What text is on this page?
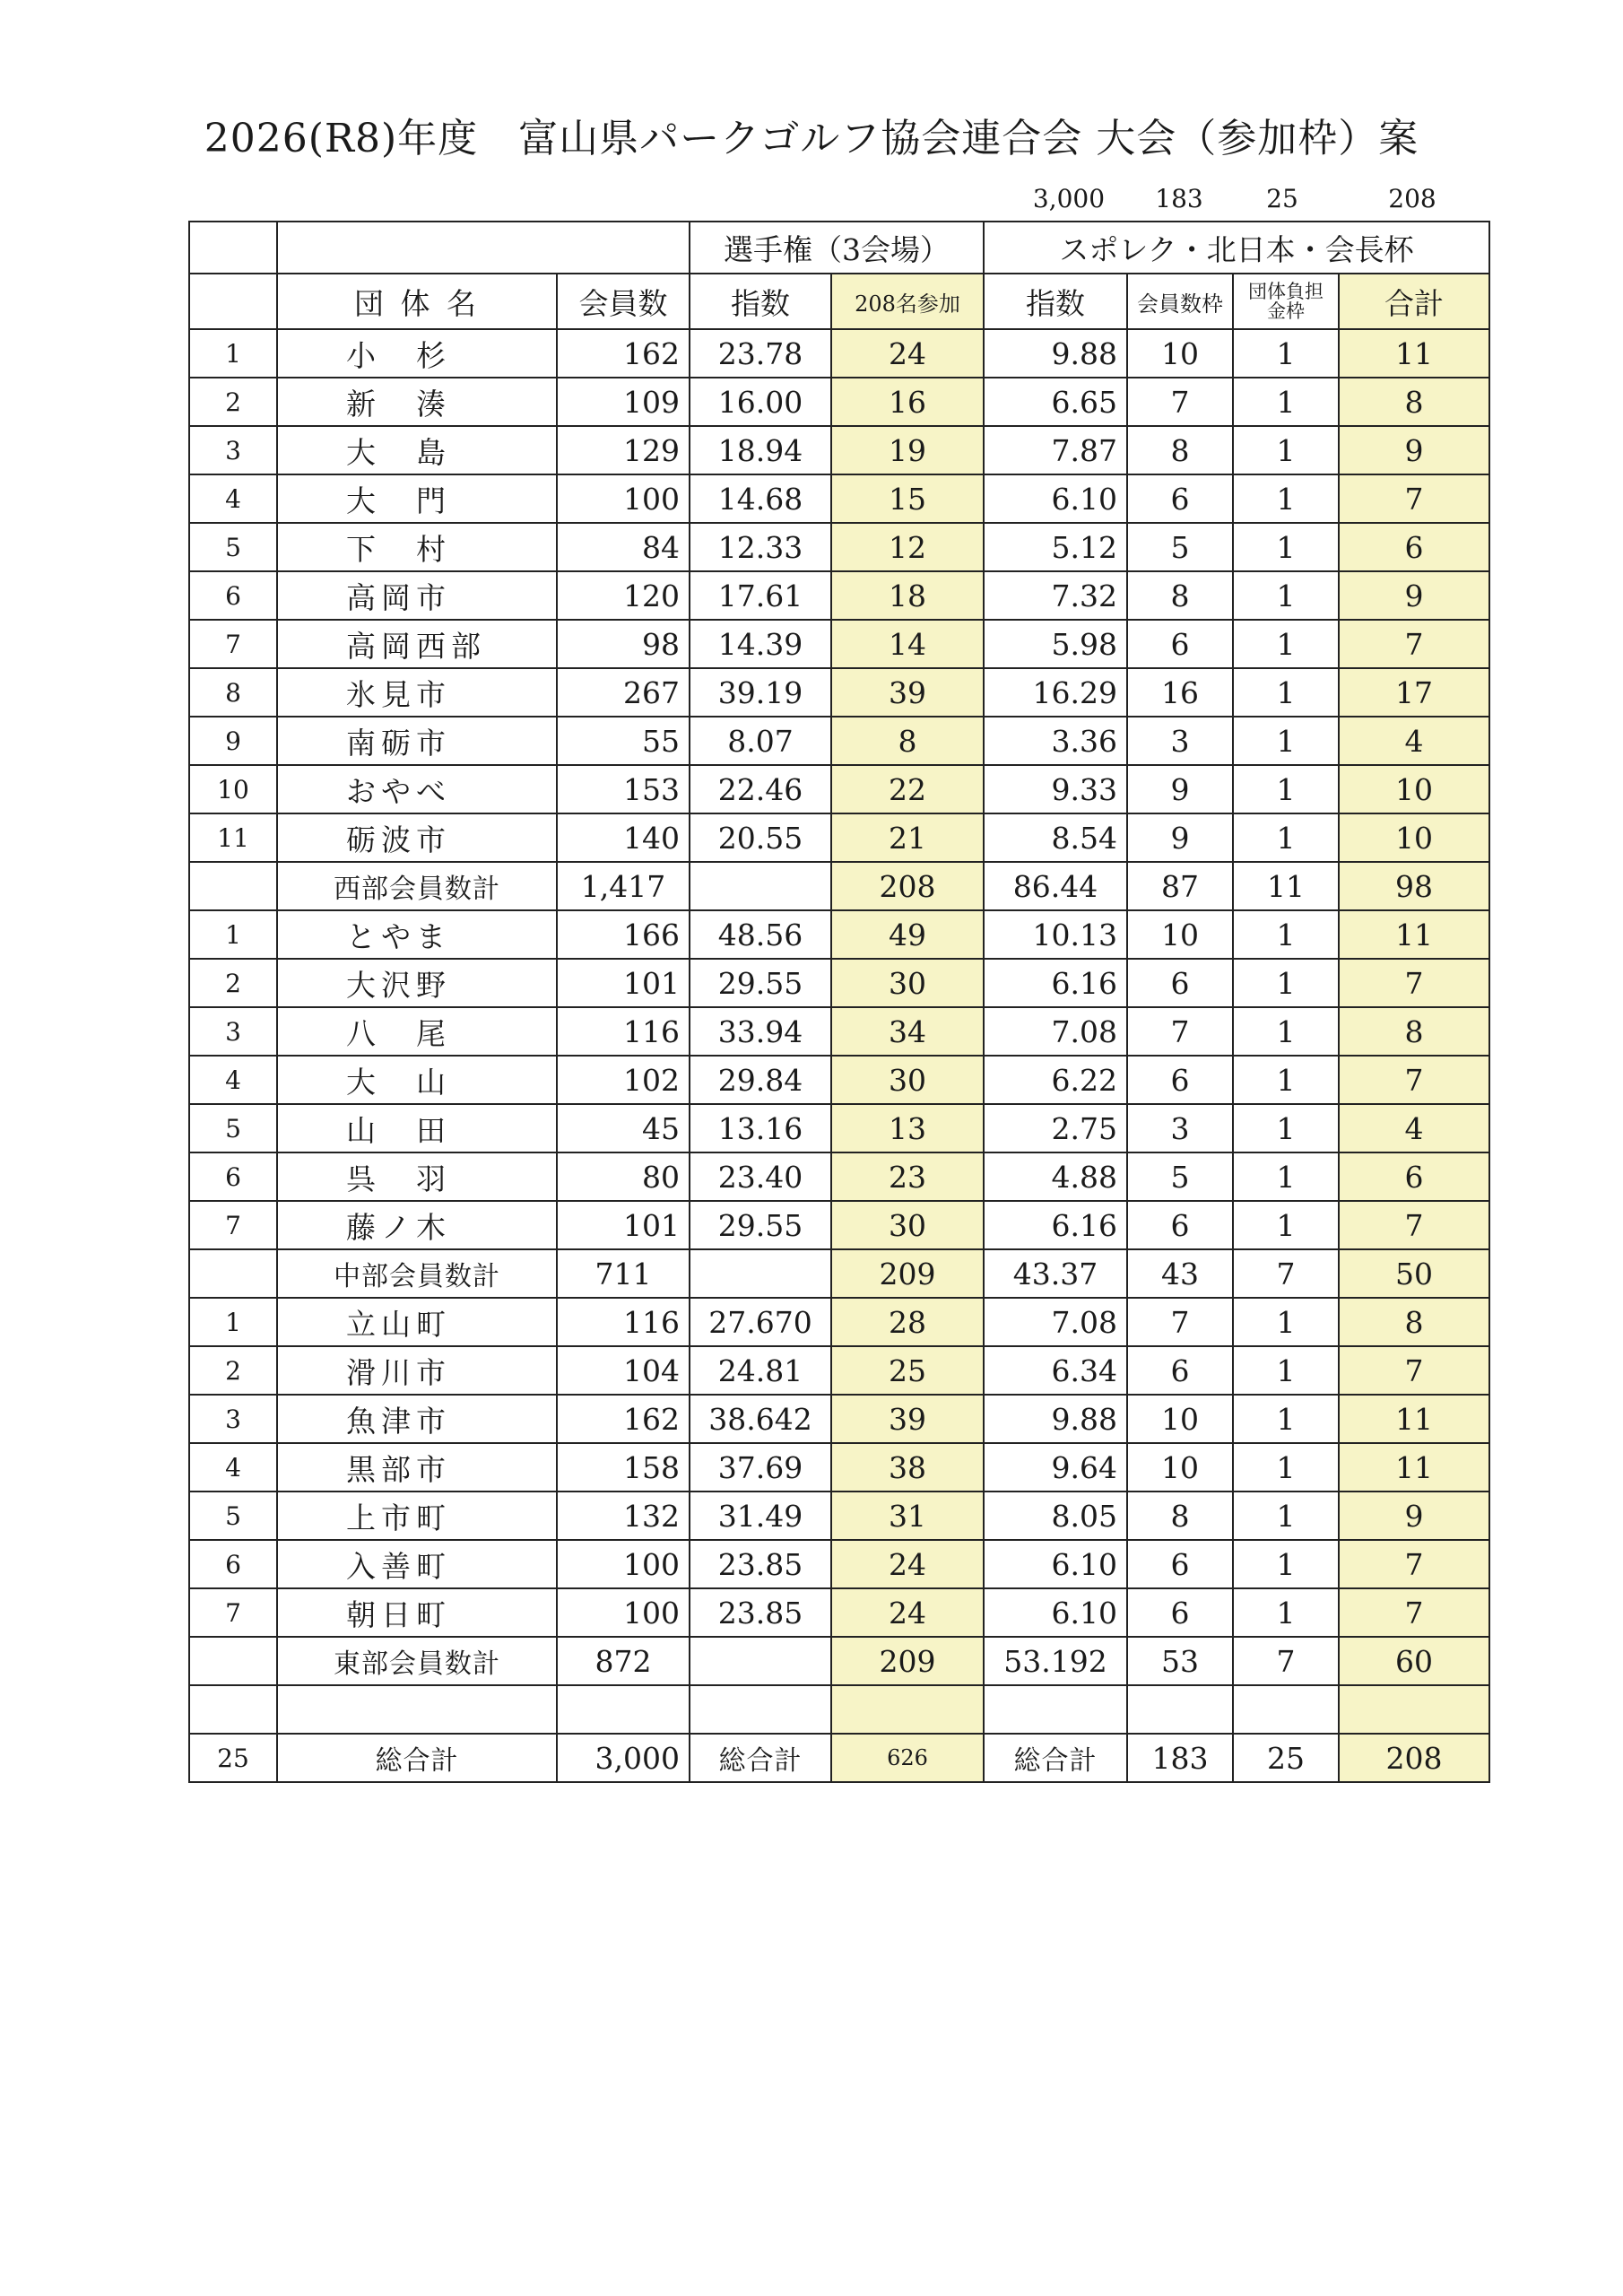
2026(R8)年度　富山県パークゴルフ協会連合会 大会（参加枠）案
3,000	183	25	208
			選手権（3会場）		スポレク・北日本・会長杯			
	団 体 名	会員数	指数	208名参加	指数	会員数枠	団体負担金枠	合計
1	小　杉	162	23.78	24	9.88	10	1	11
2	新　湊	109	16.00	16	6.65	7	1	8
3	大　島	129	18.94	19	7.87	8	1	9
4	大　門	100	14.68	15	6.10	6	1	7
5	下　村	84	12.33	12	5.12	5	1	6
6	高岡市	120	17.61	18	7.32	8	1	9
7	高岡西部	98	14.39	14	5.98	6	1	7
8	氷見市	267	39.19	39	16.29	16	1	17
9	南砺市	55	8.07	8	3.36	3	1	4
10	おやべ	153	22.46	22	9.33	9	1	10
11	砺波市	140	20.55	21	8.54	9	1	10
	西部会員数計	1,417		208	86.44	87	11	98
1	とやま	166	48.56	49	10.13	10	1	11
2	大沢野	101	29.55	30	6.16	6	1	7
3	八　尾	116	33.94	34	7.08	7	1	8
4	大　山	102	29.84	30	6.22	6	1	7
5	山　田	45	13.16	13	2.75	3	1	4
6	呉　羽	80	23.40	23	4.88	5	1	6
7	藤ノ木	101	29.55	30	6.16	6	1	7
	中部会員数計	711		209	43.37	43	7	50
1	立山町	116	27.670	28	7.08	7	1	8
2	滑川市	104	24.81	25	6.34	6	1	7
3	魚津市	162	38.642	39	9.88	10	1	11
4	黒部市	158	37.69	38	9.64	10	1	11
5	上市町	132	31.49	31	8.05	8	1	9
6	入善町	100	23.85	24	6.10	6	1	7
7	朝日町	100	23.85	24	6.10	6	1	7
	東部会員数計	872		209	53.192	53	7	60

25	総合計	3,000	総合計	626	総合計	183	25	208
